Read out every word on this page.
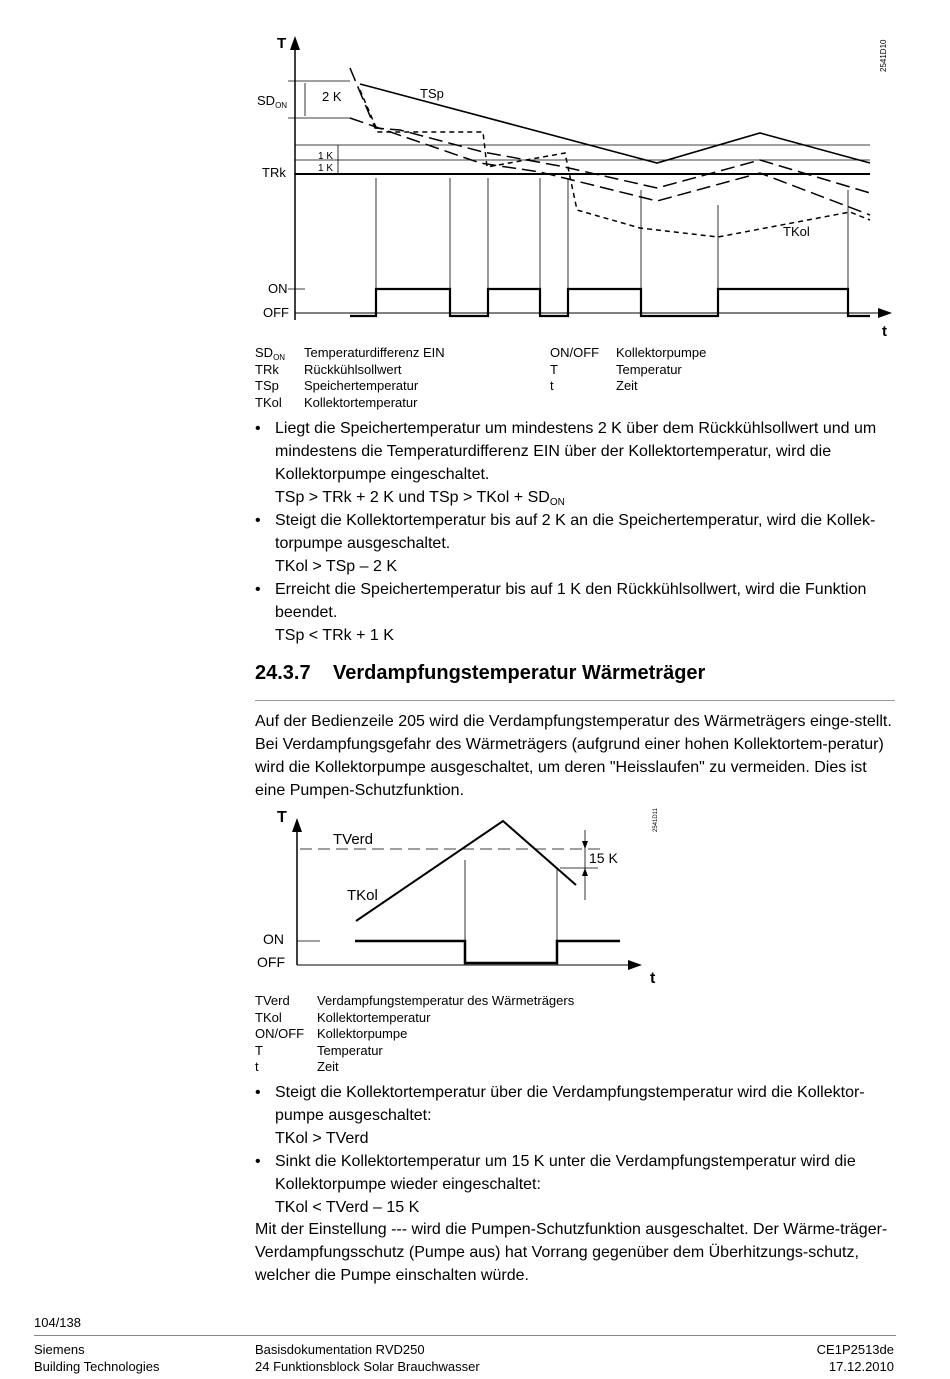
T
$SD_{ON}$
2 K	TSp
1 K
1 K
TRk
TKol
ON
OFF
t
2541D10
$SD_{ON}$	Temperaturdifferenz EIN
TRk	Rückkühlsollwert
TSp	Speichertemperatur
TKol	Kollektortemperatur
ON/OFF	Kollektorpumpe
T	Temperatur
t	Zeit
• Liegt die Speichertemperatur um mindestens 2 K über dem Rückkühlsollwert und um mindestens die Temperaturdifferenz EIN über der Kollektortemperatur, wird die Kollektorpumpe eingeschaltet.
TSp > TRk + 2 K und TSp > TKol + $SD_{ON}$
• Steigt die Kollektortemperatur bis auf 2 K an die Speichertemperatur, wird die Kollek-torpumpe ausgeschaltet.
TKol > TSp – 2 K
• Erreicht die Speichertemperatur bis auf 1 K den Rückkühlsollwert, wird die Funktion beendet.
TSp < TRk + 1 K
24.3.7 Verdampfungstemperatur Wärmeträger
Auf der Bedienzeile 205 wird die Verdampfungstemperatur des Wärmeträgers einge-stellt. Bei Verdampfungsgefahr des Wärmeträgers (aufgrund einer hohen Kollektortem-peratur) wird die Kollektorpumpe ausgeschaltet, um deren "Heisslaufen" zu vermeiden. Dies ist eine Pumpen-Schutzfunktion.
T
TVerd
TKol
15 K
ON
OFF
t
2541D11
TVerd	Verdampfungstemperatur des Wärmeträgers
TKol	Kollektortemperatur
ON/OFF Kollektorpumpe
T	Temperatur
t	Zeit
• Steigt die Kollektortemperatur über die Verdampfungstemperatur wird die Kollektor-pumpe ausgeschaltet:
TKol > TVerd
• Sinkt die Kollektortemperatur um 15 K unter die Verdampfungstemperatur wird die Kollektorpumpe wieder eingeschaltet:
TKol < TVerd – 15 K
Mit der Einstellung --- wird die Pumpen-Schutzfunktion ausgeschaltet. Der Wärme-träger-Verdampfungsschutz (Pumpe aus) hat Vorrang gegenüber dem Überhitzungs-schutz, welcher die Pumpe einschalten würde.
104/138
Siemens
Building Technologies
Basisdokumentation RVD250
24 Funktionsblock Solar Brauchwasser
CE1P2513de
17.12.2010
